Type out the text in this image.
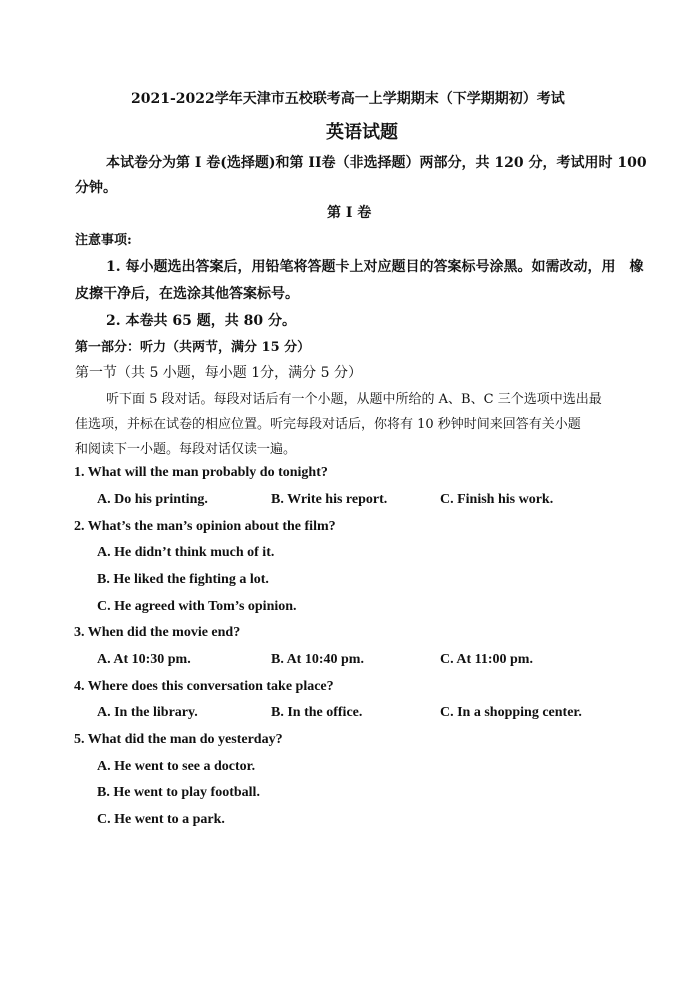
2021-2022学年天津市五校联考高一上学期期末（下学期期初）考试
英语试题
本试卷分为第 I 卷(选择题)和第 II卷（非选择题）两部分，共 120 分，考试用时 100
分钟。
第 I 卷
注意事项:
1. 每小题选出答案后，用铅笔将答题卡上对应题目的答案标号涂黑。如需改动，用　橡
皮擦干净后，在选涂其他答案标号。
2. 本卷共 65 题，共 80 分。
第一部分：听力（共两节，满分 15 分）
第一节（共 5 小题，每小题 1分，满分 5 分）
听下面 5 段对话。每段对话后有一个小题，从题中所给的 A、B、C 三个选项中选出最
佳选项，并标在试卷的相应位置。听完每段对话后，你将有 10 秒钟时间来回答有关小题
和阅读下一小题。每段对话仅读一遍。
1. What will the man probably do tonight?
A. Do his printing.	B. Write his report.	C. Finish his work.
2. What’s the man’s opinion about the film?
A. He didn’t think much of it.
B. He liked the fighting a lot.
C. He agreed with Tom’s opinion.
3. When did the movie end?
A. At 10:30 pm.	B. At 10:40 pm.	C. At 11:00 pm.
4. Where does this conversation take place?
A. In the library.	B. In the office.	C. In a shopping center.
5. What did the man do yesterday?
A. He went to see a doctor.
B. He went to play football.
C. He went to a park.
